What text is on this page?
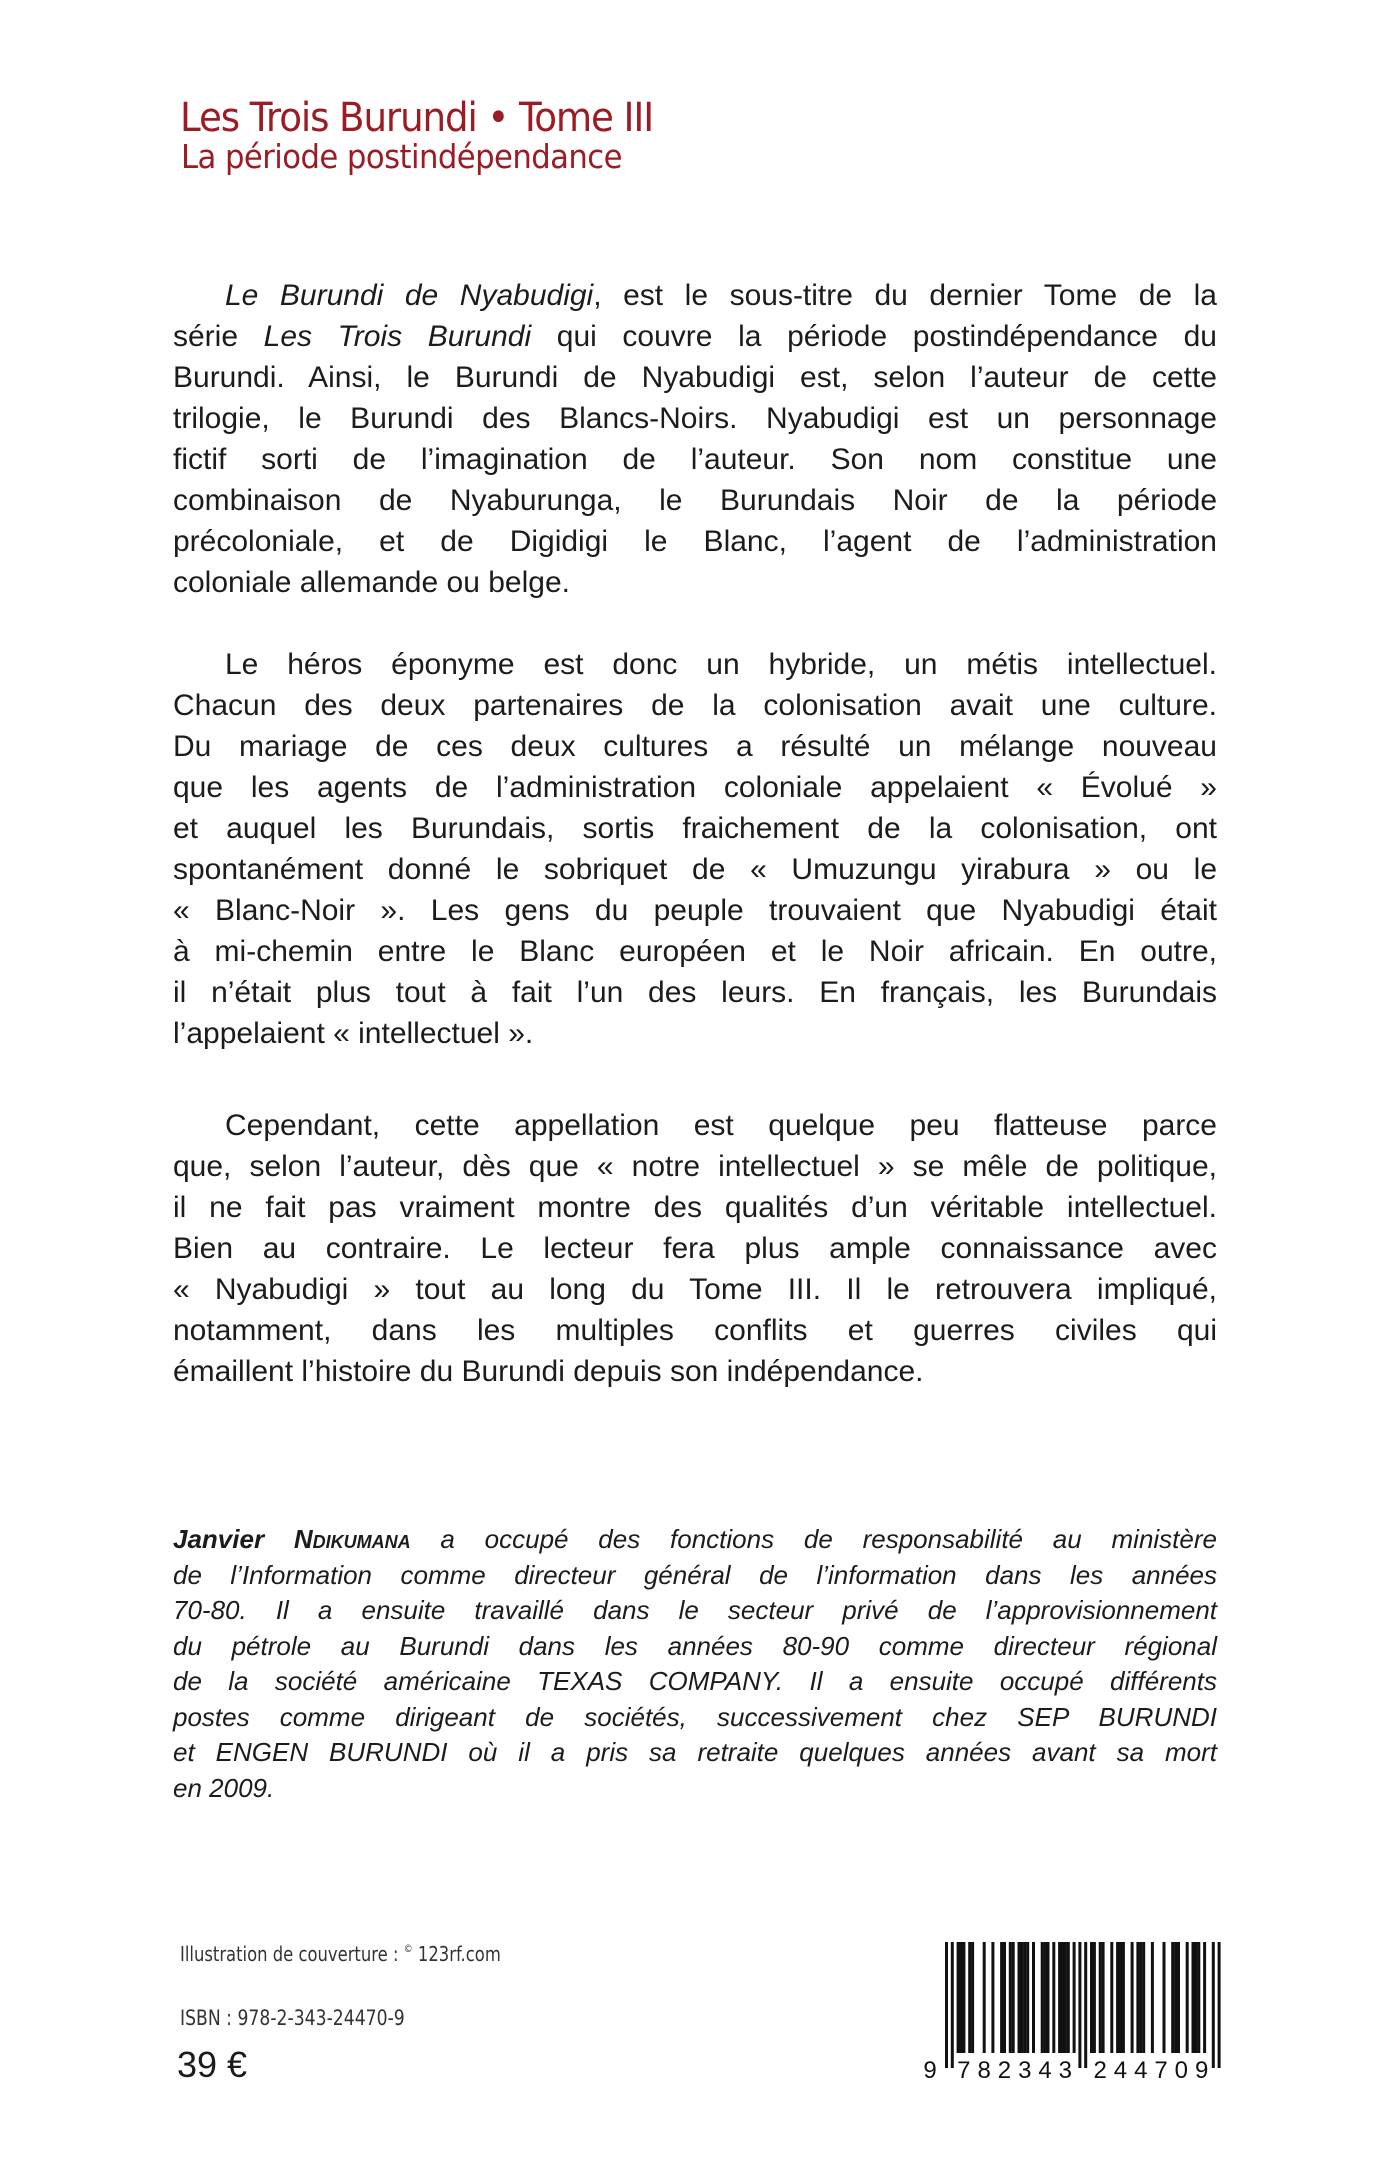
Les Trois Burundi • Tome III
La période postindépendance
Le Burundi de Nyabudigi, est le sous-titre du dernier Tome de la
série Les Trois Burundi qui couvre la période postindépendance du
Burundi. Ainsi, le Burundi de Nyabudigi est, selon l’auteur de cette
trilogie, le Burundi des Blancs-Noirs. Nyabudigi est un personnage
fictif sorti de l’imagination de l’auteur. Son nom constitue une
combinaison de Nyaburunga, le Burundais Noir de la période
précoloniale, et de Digidigi le Blanc, l’agent de l’administration
coloniale allemande ou belge.
Le héros éponyme est donc un hybride, un métis intellectuel.
Chacun des deux partenaires de la colonisation avait une culture.
Du mariage de ces deux cultures a résulté un mélange nouveau
que les agents de l’administration coloniale appelaient « Évolué »
et auquel les Burundais, sortis fraichement de la colonisation, ont
spontanément donné le sobriquet de « Umuzungu yirabura » ou le
« Blanc-Noir ». Les gens du peuple trouvaient que Nyabudigi était
à mi-chemin entre le Blanc européen et le Noir africain. En outre,
il n’était plus tout à fait l’un des leurs. En français, les Burundais
l’appelaient « intellectuel ».
Cependant, cette appellation est quelque peu flatteuse parce
que, selon l’auteur, dès que « notre intellectuel » se mêle de politique,
il ne fait pas vraiment montre des qualités d’un véritable intellectuel.
Bien au contraire. Le lecteur fera plus ample connaissance avec
« Nyabudigi » tout au long du Tome III. Il le retrouvera impliqué,
notamment, dans les multiples conflits et guerres civiles qui
émaillent l’histoire du Burundi depuis son indépendance.
Janvier Ndikumana a occupé des fonctions de responsabilité au ministère
de l’Information comme directeur général de l’information dans les années
70-80. Il a ensuite travaillé dans le secteur privé de l’approvisionnement
du pétrole au Burundi dans les années 80-90 comme directeur régional
de la société américaine TEXAS COMPANY. Il a ensuite occupé différents
postes comme dirigeant de sociétés, successivement chez SEP BURUNDI
et ENGEN BURUNDI où il a pris sa retraite quelques années avant sa mort
en 2009.
Illustration de couverture : © 123rf.com
ISBN : 978-2-343-24470-9
39 €	9 7 8 2 3 4 3 2 4 4 7 0 9
